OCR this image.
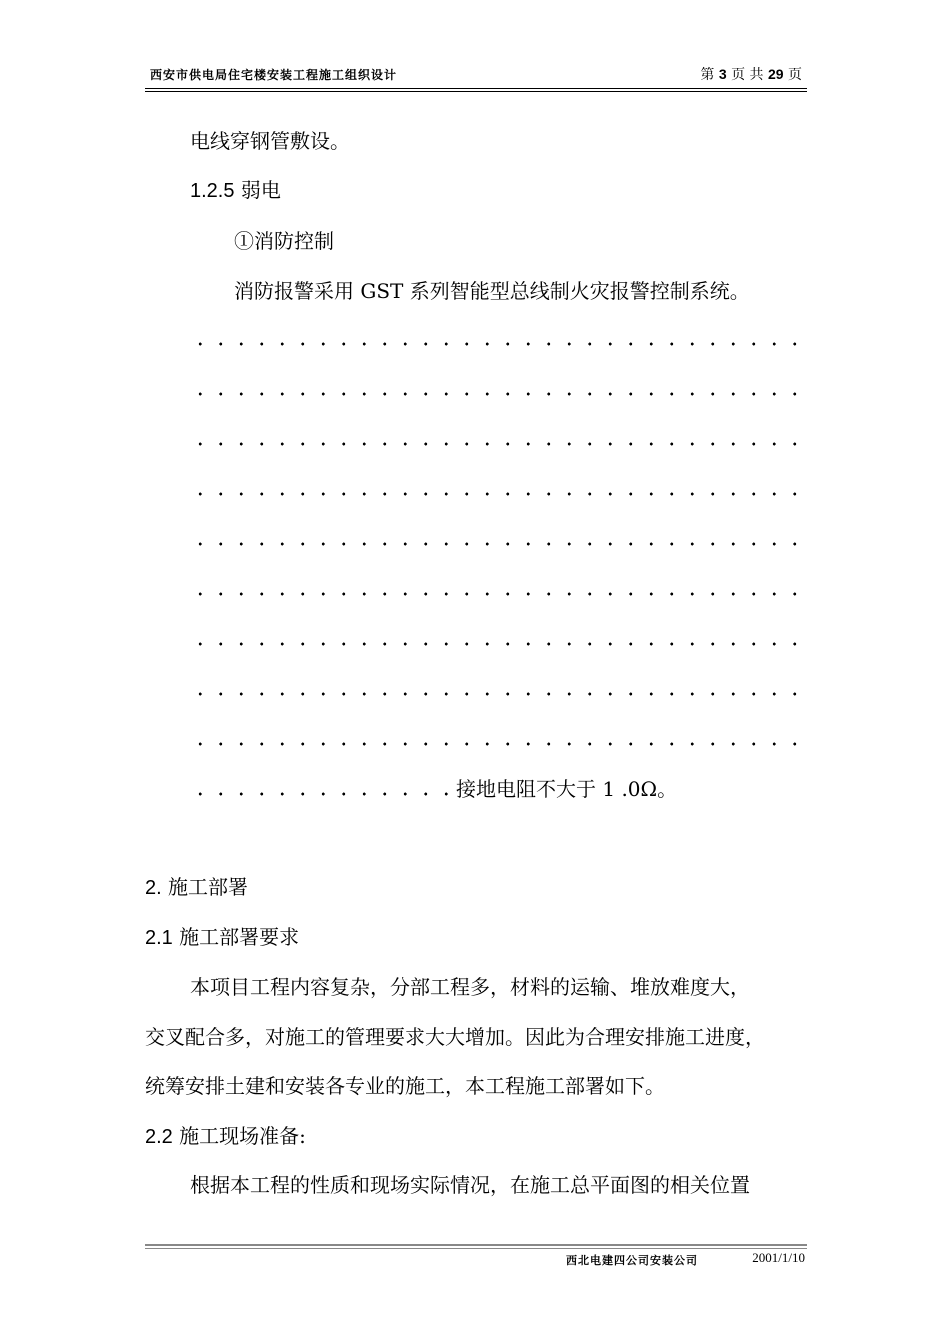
西安市供电局住宅楼安装工程施工组织设计	第 3 页 共 29 页
电线穿钢管敷设。
1.2.5 弱电
①消防控制
消防报警采用 GST 系列智能型总线制火灾报警控制系统。
接地电阻不大于 1 .0Ω。
2. 施工部署
2.1 施工部署要求
本项目工程内容复杂，分部工程多，材料的运输、堆放难度大，
交叉配合多，对施工的管理要求大大增加。因此为合理安排施工进度，
统筹安排土建和安装各专业的施工，本工程施工部署如下。
2.2 施工现场准备:
根据本工程的性质和现场实际情况，在施工总平面图的相关位置
西北电建四公司安装公司	2001/1/10
